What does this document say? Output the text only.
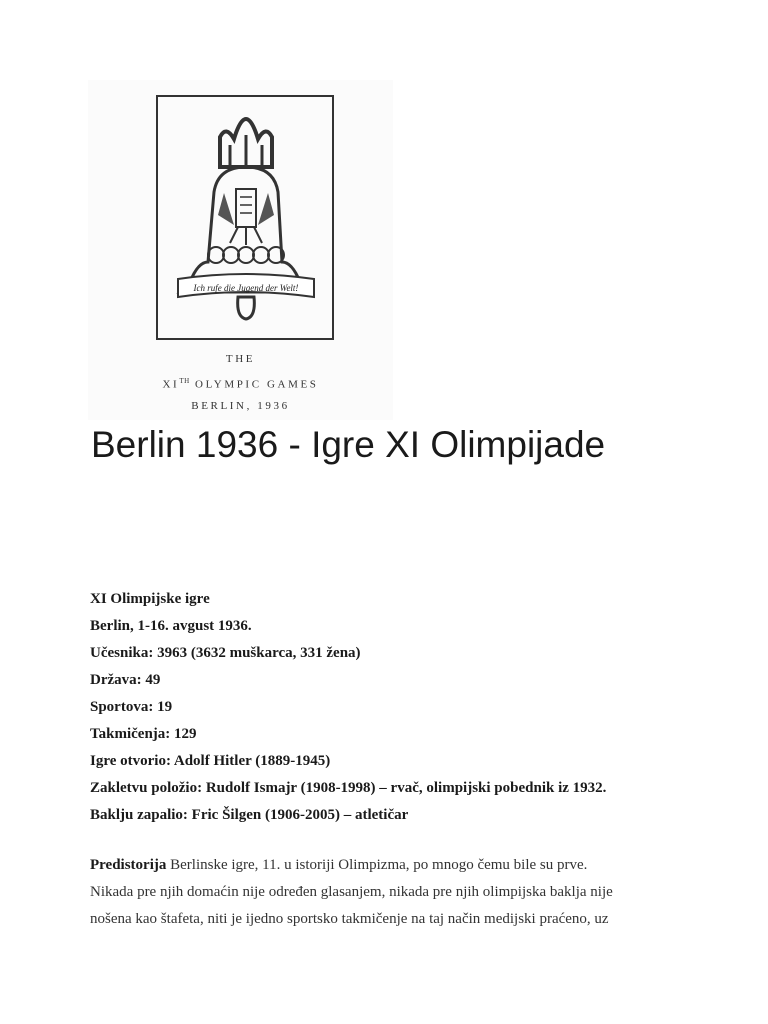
Ich rufe die Jugend der Welt!
THE
XITH OLYMPIC GAMES
BERLIN, 1936
Berlin 1936 - Igre XI Olimpijade
XI Olimpijske igre
Berlin, 1-16. avgust 1936.
Učesnika: 3963 (3632 muškarca, 331 žena)
Država: 49
Sportova: 19
Takmičenja: 129
Igre otvorio: Adolf Hitler (1889-1945)
Zakletvu položio: Rudolf Ismajr (1908-1998) – rvač, olimpijski pobednik iz 1932.
Baklju zapalio: Fric Šilgen (1906-2005) – atletičar

Predistorija Berlinske igre, 11. u istoriji Olimpizma, po mnogo čemu bile su prve.
Nikada pre njih domaćin nije određen glasanjem, nikada pre njih olimpijska baklja nije
nošena kao štafeta, niti je ijedno sportsko takmičenje na taj način medijski praćeno, uz
